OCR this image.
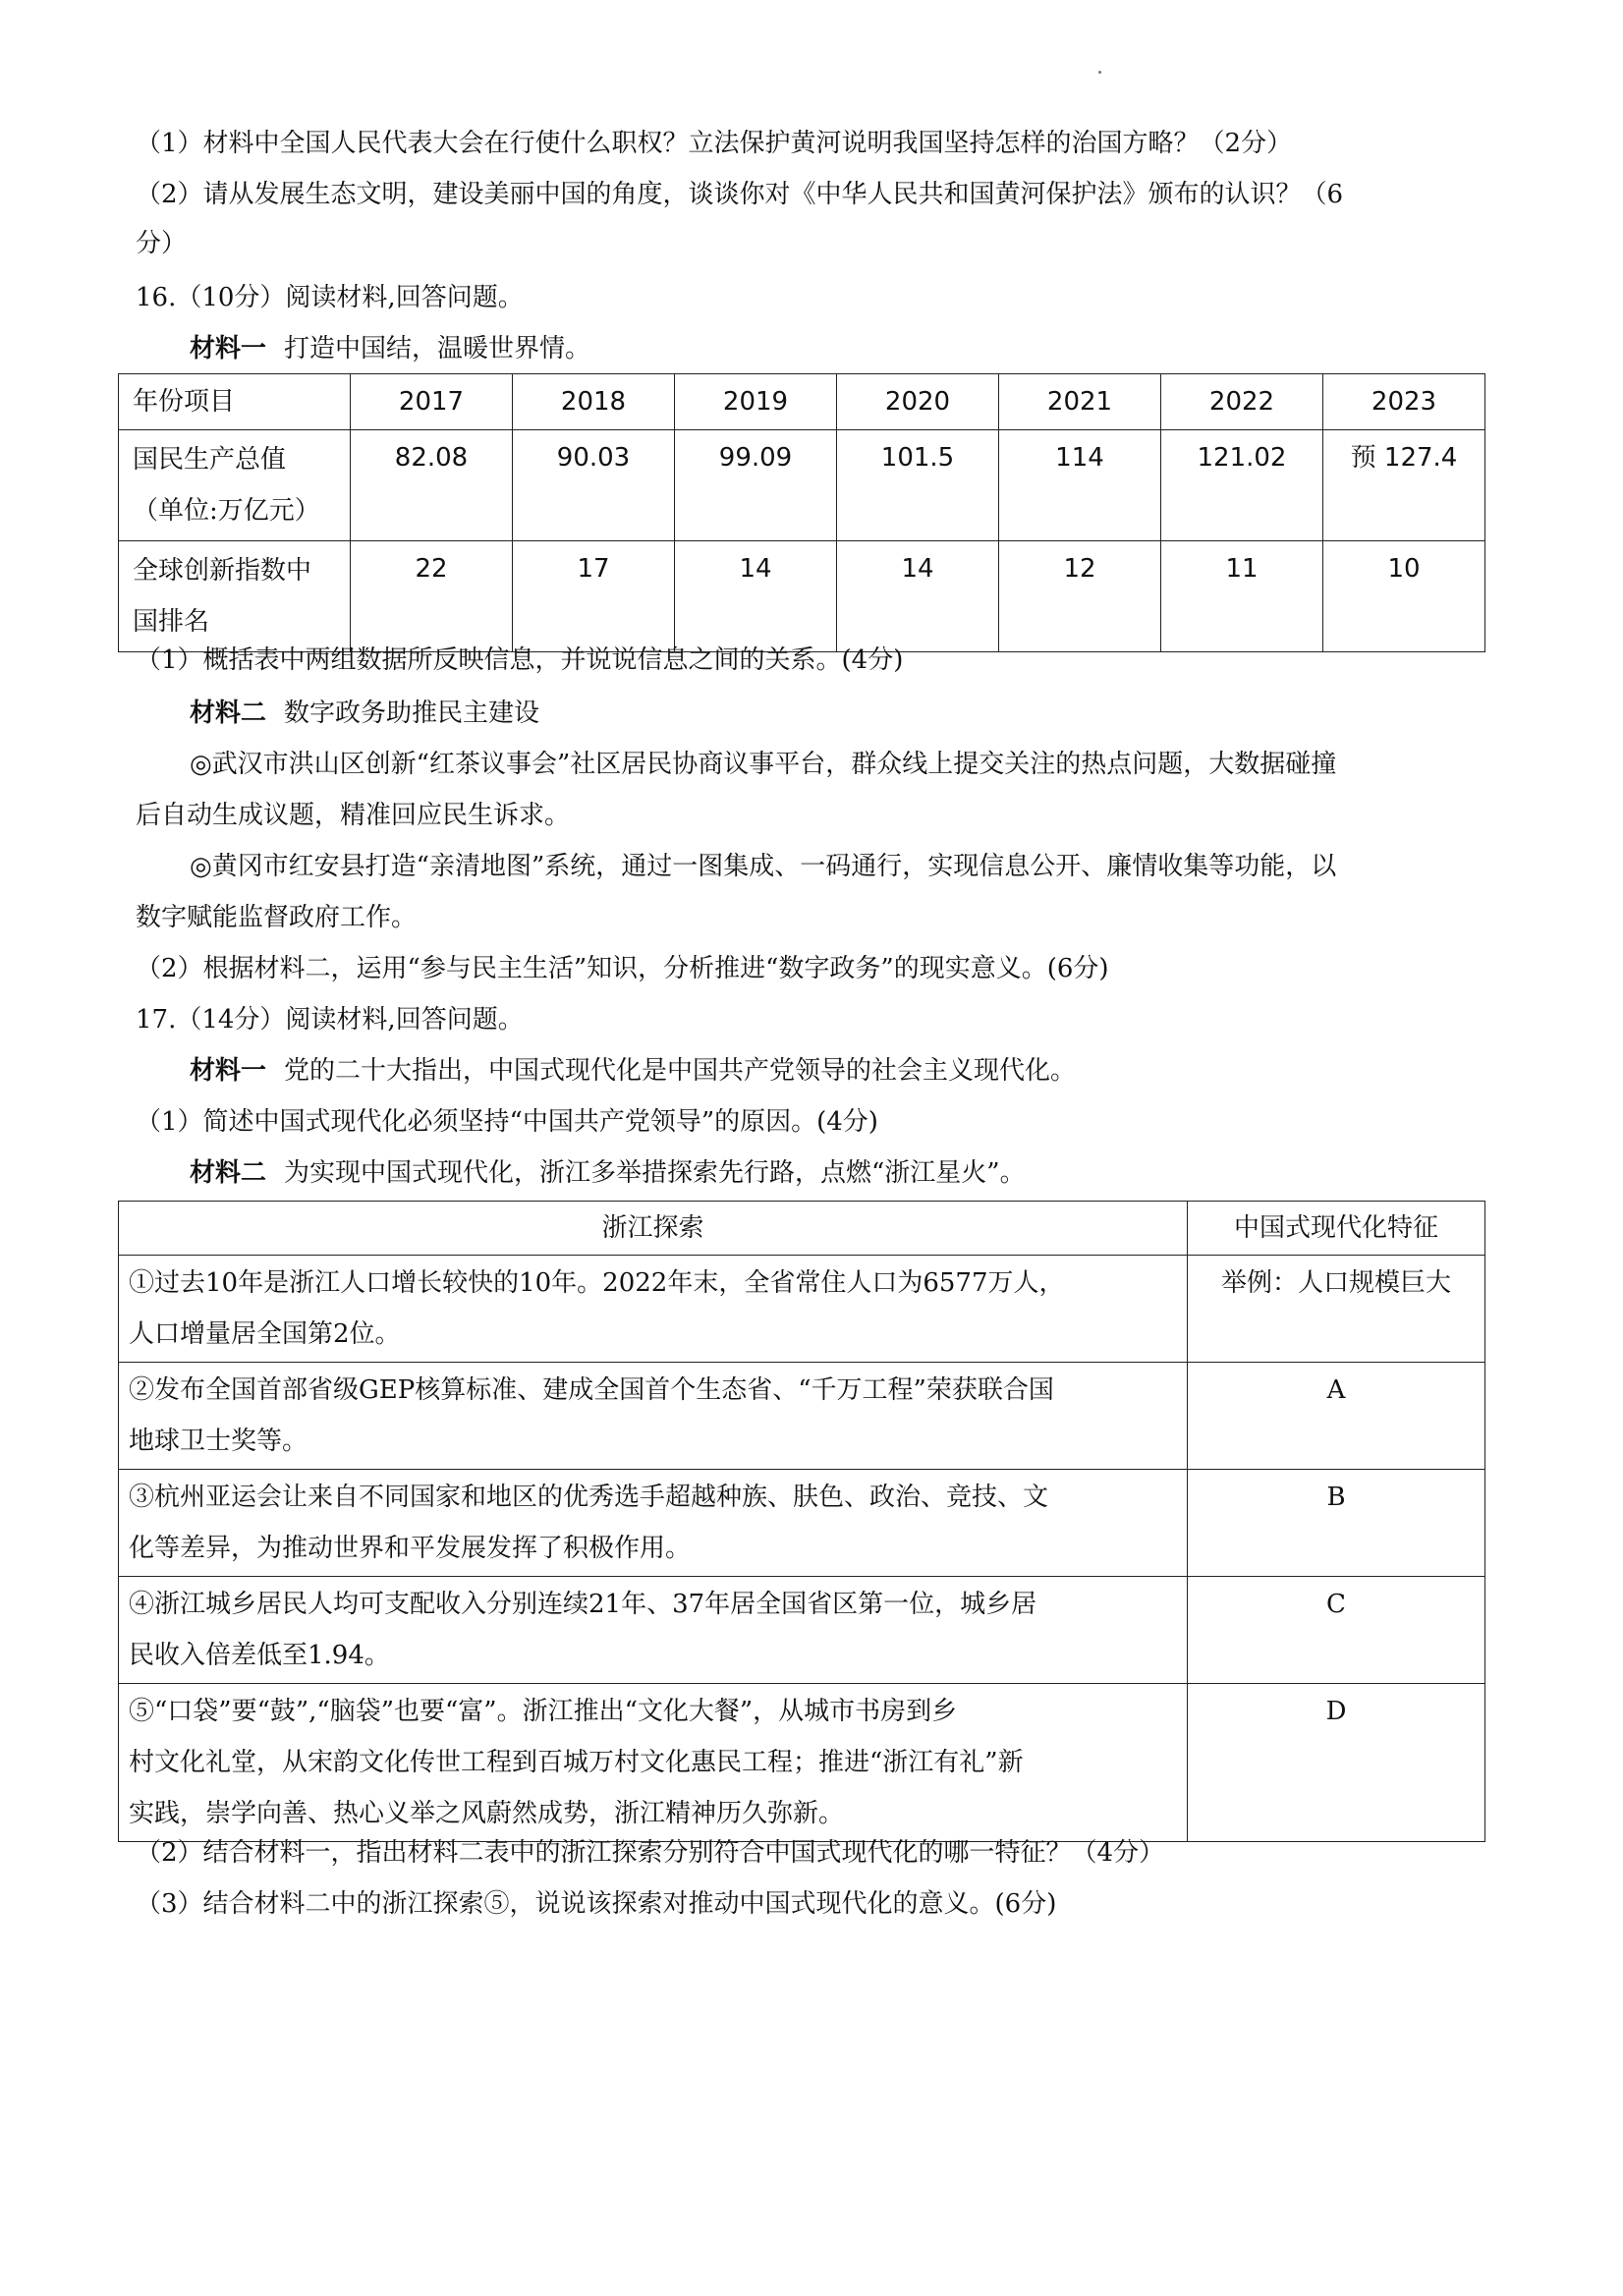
（1）材料中全国人民代表大会在行使什么职权？立法保护黄河说明我国坚持怎样的治国方略？（2分）
（2）请从发展生态文明，建设美丽中国的角度，谈谈你对《中华人民共和国黄河保护法》颁布的认识？（6
分）
16.（10分）阅读材料,回答问题。
材料一 打造中国结，温暖世界情。
年份项目	2017	2018	2019	2020	2021	2022	2023

国民生产总值
（单位:万亿元）	82.08	90.03	99.09	101.5	114	121.02	预 127.4

全球创新指数中
国排名	22	17	14	14	12	11	10
（1）概括表中两组数据所反映信息，并说说信息之间的关系。(4分)
材料二 数字政务助推民主建设
◎武汉市洪山区创新“红茶议事会”社区居民协商议事平台，群众线上提交关注的热点问题，大数据碰撞
后自动生成议题，精准回应民生诉求。
◎黄冈市红安县打造“亲清地图”系统，通过一图集成、一码通行，实现信息公开、廉情收集等功能，以
数字赋能监督政府工作。
（2）根据材料二，运用“参与民主生活”知识，分析推进“数字政务”的现实意义。(6分)
17.（14分）阅读材料,回答问题。
材料一 党的二十大指出，中国式现代化是中国共产党领导的社会主义现代化。
（1）简述中国式现代化必须坚持“中国共产党领导”的原因。(4分)
材料二 为实现中国式现代化，浙江多举措探索先行路，点燃“浙江星火”。
浙江探索	中国式现代化特征

①过去10年是浙江人口增长较快的10年。2022年末，全省常住人口为6577万人，
人口增量居全国第2位。	举例：人口规模巨大

②发布全国首部省级GEP核算标准、建成全国首个生态省、“千万工程”荣获联合国
地球卫士奖等。	A

③杭州亚运会让来自不同国家和地区的优秀选手超越种族、肤色、政治、竞技、文
化等差异，为推动世界和平发展发挥了积极作用。	B

④浙江城乡居民人均可支配收入分别连续21年、37年居全国省区第一位，城乡居
民收入倍差低至1.94。	C

⑤“口袋”要“鼓”,“脑袋”也要“富”。浙江推出“文化大餐”，从城市书房到乡
村文化礼堂，从宋韵文化传世工程到百城万村文化惠民工程；推进“浙江有礼”新
实践，崇学向善、热心义举之风蔚然成势，浙江精神历久弥新。	D
（2）结合材料一，指出材料二表中的浙江探索分别符合中国式现代化的哪一特征？（4分）
（3）结合材料二中的浙江探索⑤，说说该探索对推动中国式现代化的意义。(6分)
